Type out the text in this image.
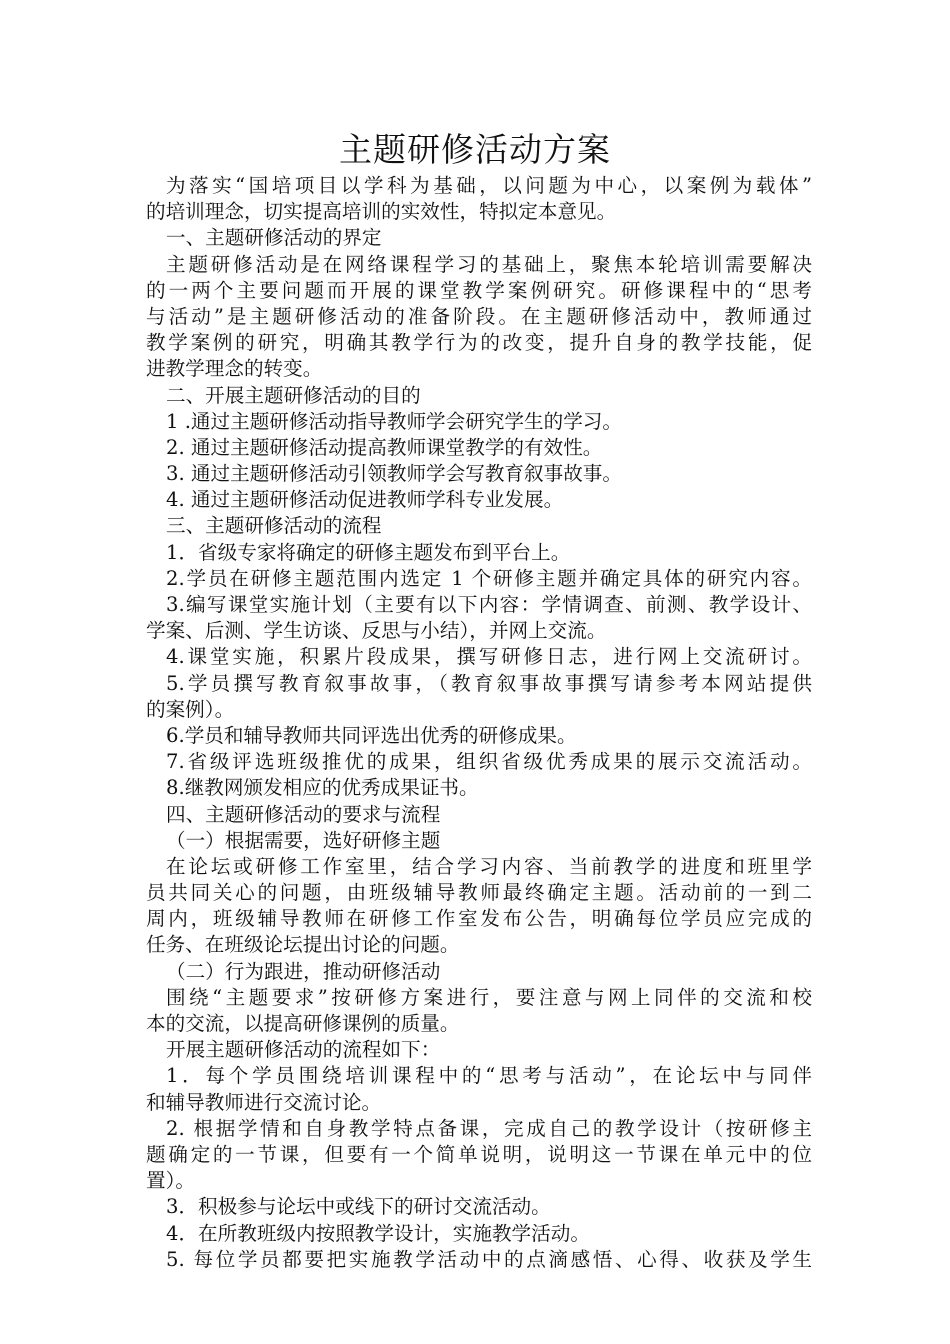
主题研修活动方案
为落实“国培项目以学科为基础，以问题为中心，以案例为载体”
的培训理念，切实提高培训的实效性，特拟定本意见。
一、主题研修活动的界定
主题研修活动是在网络课程学习的基础上，聚焦本轮培训需要解决
的一两个主要问题而开展的课堂教学案例研究。研修课程中的“思考
与活动”是主题研修活动的准备阶段。在主题研修活动中，教师通过
教学案例的研究，明确其教学行为的改变，提升自身的教学技能，促
进教学理念的转变。
二、开展主题研修活动的目的
1 .通过主题研修活动指导教师学会研究学生的学习。
2. 通过主题研修活动提高教师课堂教学的有效性。
3. 通过主题研修活动引领教师学会写教育叙事故事。
4. 通过主题研修活动促进教师学科专业发展。
三、主题研修活动的流程
1．省级专家将确定的研修主题发布到平台上。
2.学员在研修主题范围内选定 1 个研修主题并确定具体的研究内容。
3.编写课堂实施计划（主要有以下内容：学情调查、前测、教学设计、
学案、后测、学生访谈、反思与小结），并网上交流。
4.课堂实施，积累片段成果，撰写研修日志，进行网上交流研讨。
5.学员撰写教育叙事故事，（教育叙事故事撰写请参考本网站提供
的案例）。
6.学员和辅导教师共同评选出优秀的研修成果。
7.省级评选班级推优的成果，组织省级优秀成果的展示交流活动。
8.继教网颁发相应的优秀成果证书。
四、主题研修活动的要求与流程
（一）根据需要，选好研修主题
在论坛或研修工作室里，结合学习内容、当前教学的进度和班里学
员共同关心的问题，由班级辅导教师最终确定主题。活动前的一到二
周内，班级辅导教师在研修工作室发布公告，明确每位学员应完成的
任务、在班级论坛提出讨论的问题。
（二）行为跟进，推动研修活动
围绕“主题要求”按研修方案进行，要注意与网上同伴的交流和校
本的交流，以提高研修课例的质量。
开展主题研修活动的流程如下：
1．每个学员围绕培训课程中的“思考与活动”，在论坛中与同伴
和辅导教师进行交流讨论。
2. 根据学情和自身教学特点备课，完成自己的教学设计（按研修主
题确定的一节课，但要有一个简单说明，说明这一节课在单元中的位
置）。
3．积极参与论坛中或线下的研讨交流活动。
4．在所教班级内按照教学设计，实施教学活动。
5. 每位学员都要把实施教学活动中的点滴感悟、心得、收获及学生
